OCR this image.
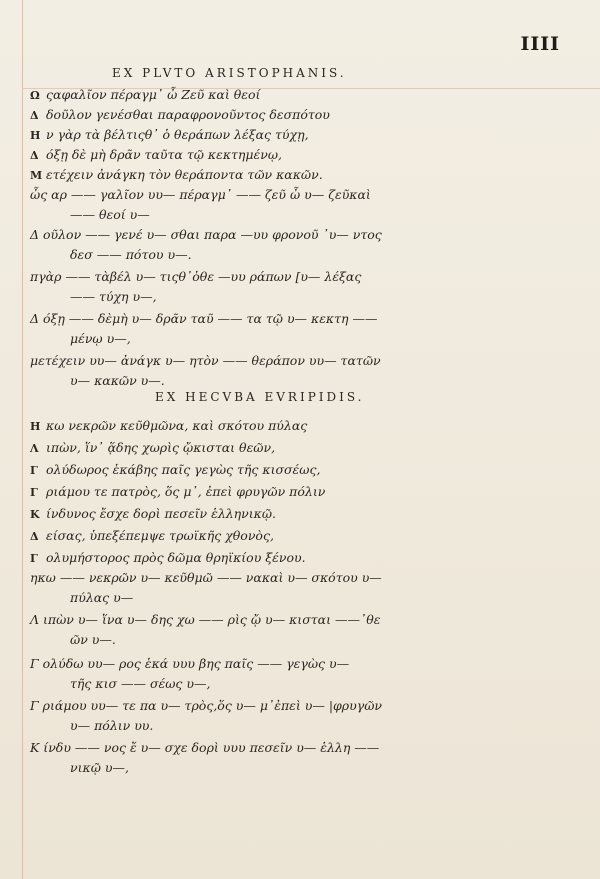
IIII
EX PLVTO ARISTOPHANIS.
Ω ςαφαλῖον πέραγμ᾽ ὦ Ζεῦ καὶ θεοί
Δ δοῦλον γενέσθαι παραφρονοῦντος δεσπότου
Η ν γὰρ τὰ βέλτιςθ᾽ ὁ θεράπων λέξας τύχῃ,
Δ όξῃ δὲ μὴ δρᾶν ταῦτα τῷ κεκτημένῳ,
Μ ετέχειν ἀνάγκη τὸν θεράποντα τῶν κακῶν.
ὦς αρ —— γαλῖον υυ— πέραγμ᾽ —— ζεῦ ὦ υ— ζεῦκαὶ
—— θεοί υ—
Δ οῦλον —— γενέ υ— σθαι παρα —υυ φρονοῦ ᾽υ— ντος
δεσ —— πότου υ—.
πγὰρ —— τὰβέλ υ— τιςθ᾽ὁθε —υυ ράπων [υ— λέξας
—— τύχη υ—,
Δ όξῃ —— δὲμὴ υ— δρᾶν ταῦ —— τα τῷ υ— κεκτη ——
μένῳ υ—,
μετέχειν υυ— ἀνάγκ υ— ητὸν —— θεράπον υυ— τατῶν
υ— κακῶν υ—.
EX HECVBA EVRIPIDIS.
Η κω νεκρῶν κεῦθμῶνα, καὶ σκότου πύλας
Λ ιπὼν, ἵν᾽ ᾅδης χωρὶς ᾤκισται θεῶν,
Γ ολύδωρος ἑκάβης παῖς γεγὼς τῆς κισσέως,
Γ ριάμου τε πατρὸς, ὅς μ᾽, ἐπεὶ φρυγῶν πόλιν
Κ ίνδυνος ἔσχε δορὶ πεσεῖν ἑλληνικῷ.
Δ είσας, ὑπεξέπεμψε τρωϊκῆς χθονὸς,
Γ ολυμήστορος πρὸς δῶμα θρηϊκίου ξένου.
ηκω —— νεκρῶν υ— κεῦθμῶ —— νακαὶ υ— σκότου υ—
πύλας υ—
Λ ιπὼν υ— ἵνα υ— δης χω —— ρὶς ᾤ υ— κισται ——᾽θε
ῶν υ—.
Γ ολύδω υυ— ρος ἑκά υυυ βης παῖς —— γεγὼς υ—
τῆς κισ —— σέως υ—,
Γ ριάμου υυ— τε πα υ— τρὸς,ὅς υ— μ᾽ἐπεὶ υ— |φρυγῶν
υ— πόλιν υυ.
Κ ίνδυ —— νος ἔ υ— σχε δορὶ υυυ πεσεῖν υ— ἑλλη ——
νικῷ υ—,
